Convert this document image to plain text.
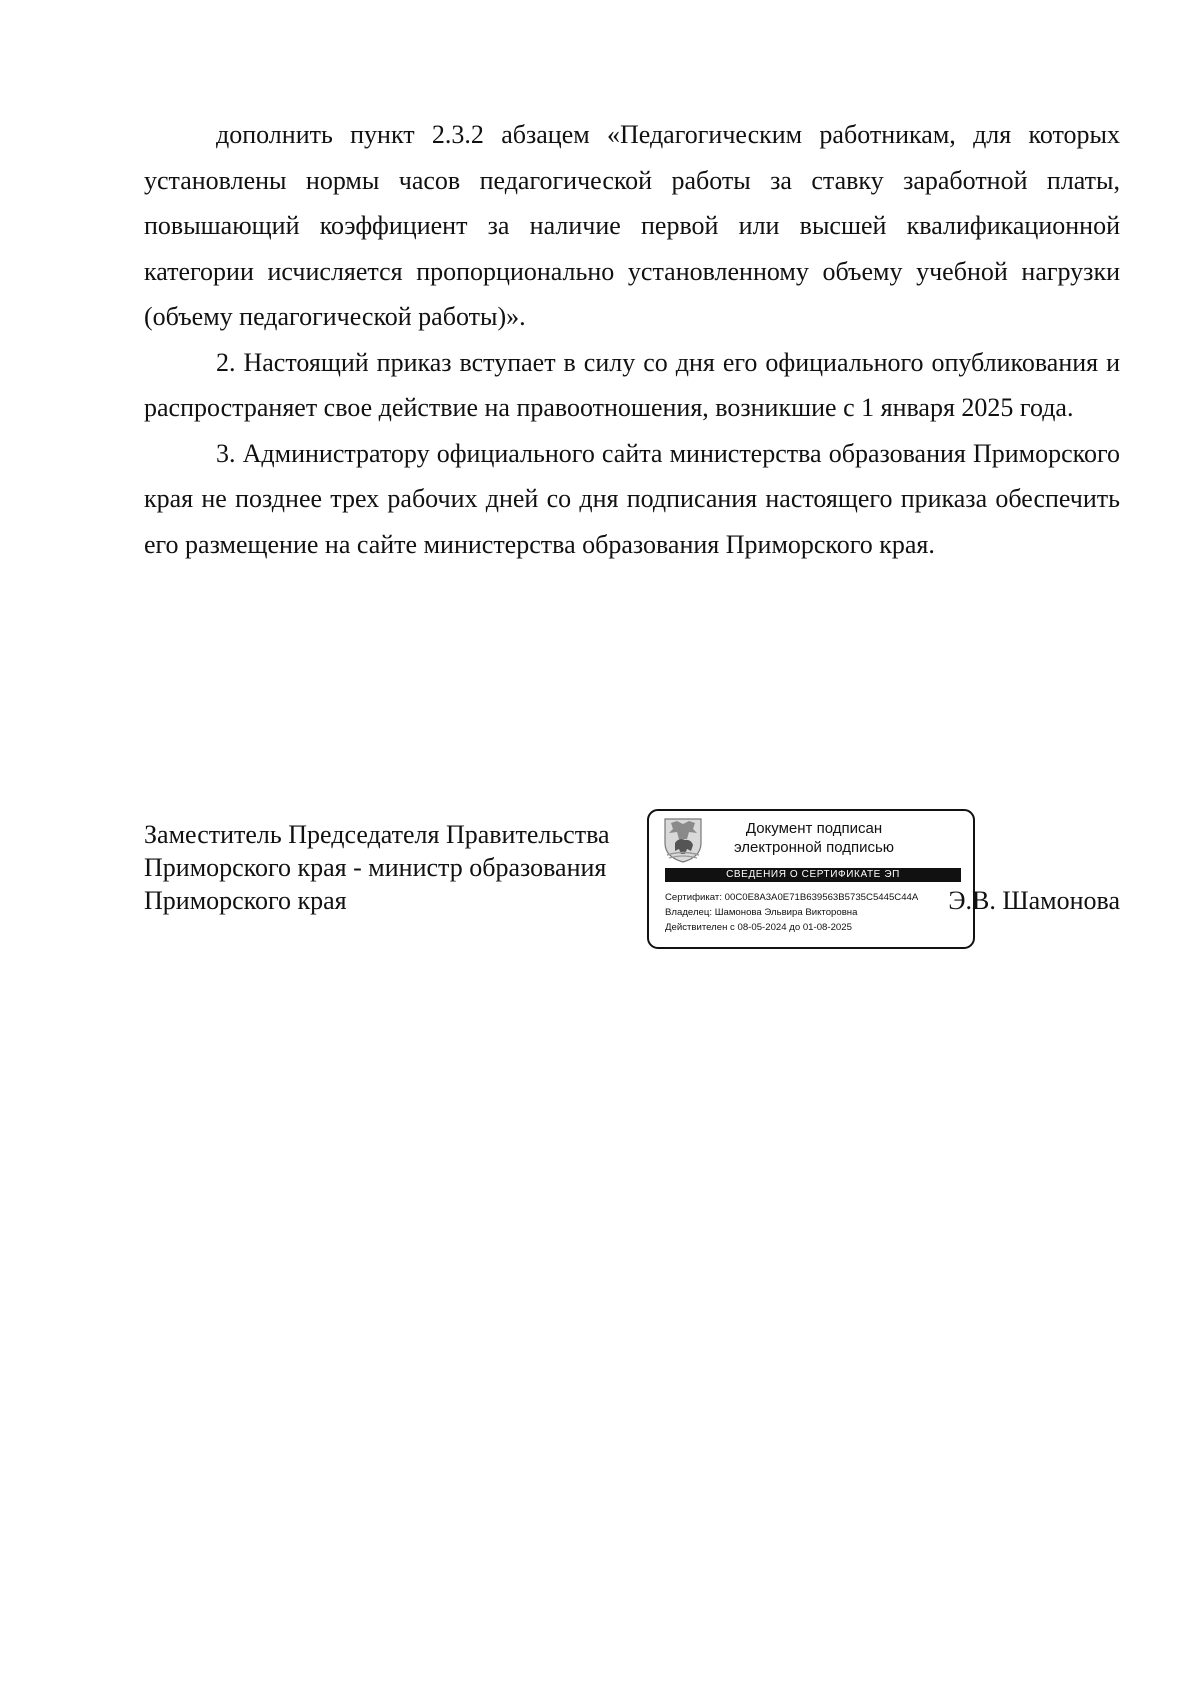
дополнить пункт 2.3.2 абзацем «Педагогическим работникам, для которых установлены нормы часов педагогической работы за ставку заработной платы, повышающий коэффициент за наличие первой или высшей квалификационной категории исчисляется пропорционально установленному объему учебной нагрузки (объему педагогической работы)».

2. Настоящий приказ вступает в силу со дня его официального опубликования и распространяет свое действие на правоотношения, возникшие с 1 января 2025 года.

3. Администратору официального сайта министерства образования Приморского края не позднее трех рабочих дней со дня подписания настоящего приказа обеспечить его размещение на сайте министерства образования Приморского края.

Заместитель Председателя Правительства
Приморского края - министр образования
Приморского края	Э.В. Шамонова
Документ подписан
электронной подписью
СВЕДЕНИЯ О СЕРТИФИКАТЕ ЭП
Сертификат: 00C0E8A3A0E71B639563B5735C5445C44A
Владелец: Шамонова Эльвира Викторовна
Действителен с 08-05-2024 до 01-08-2025
